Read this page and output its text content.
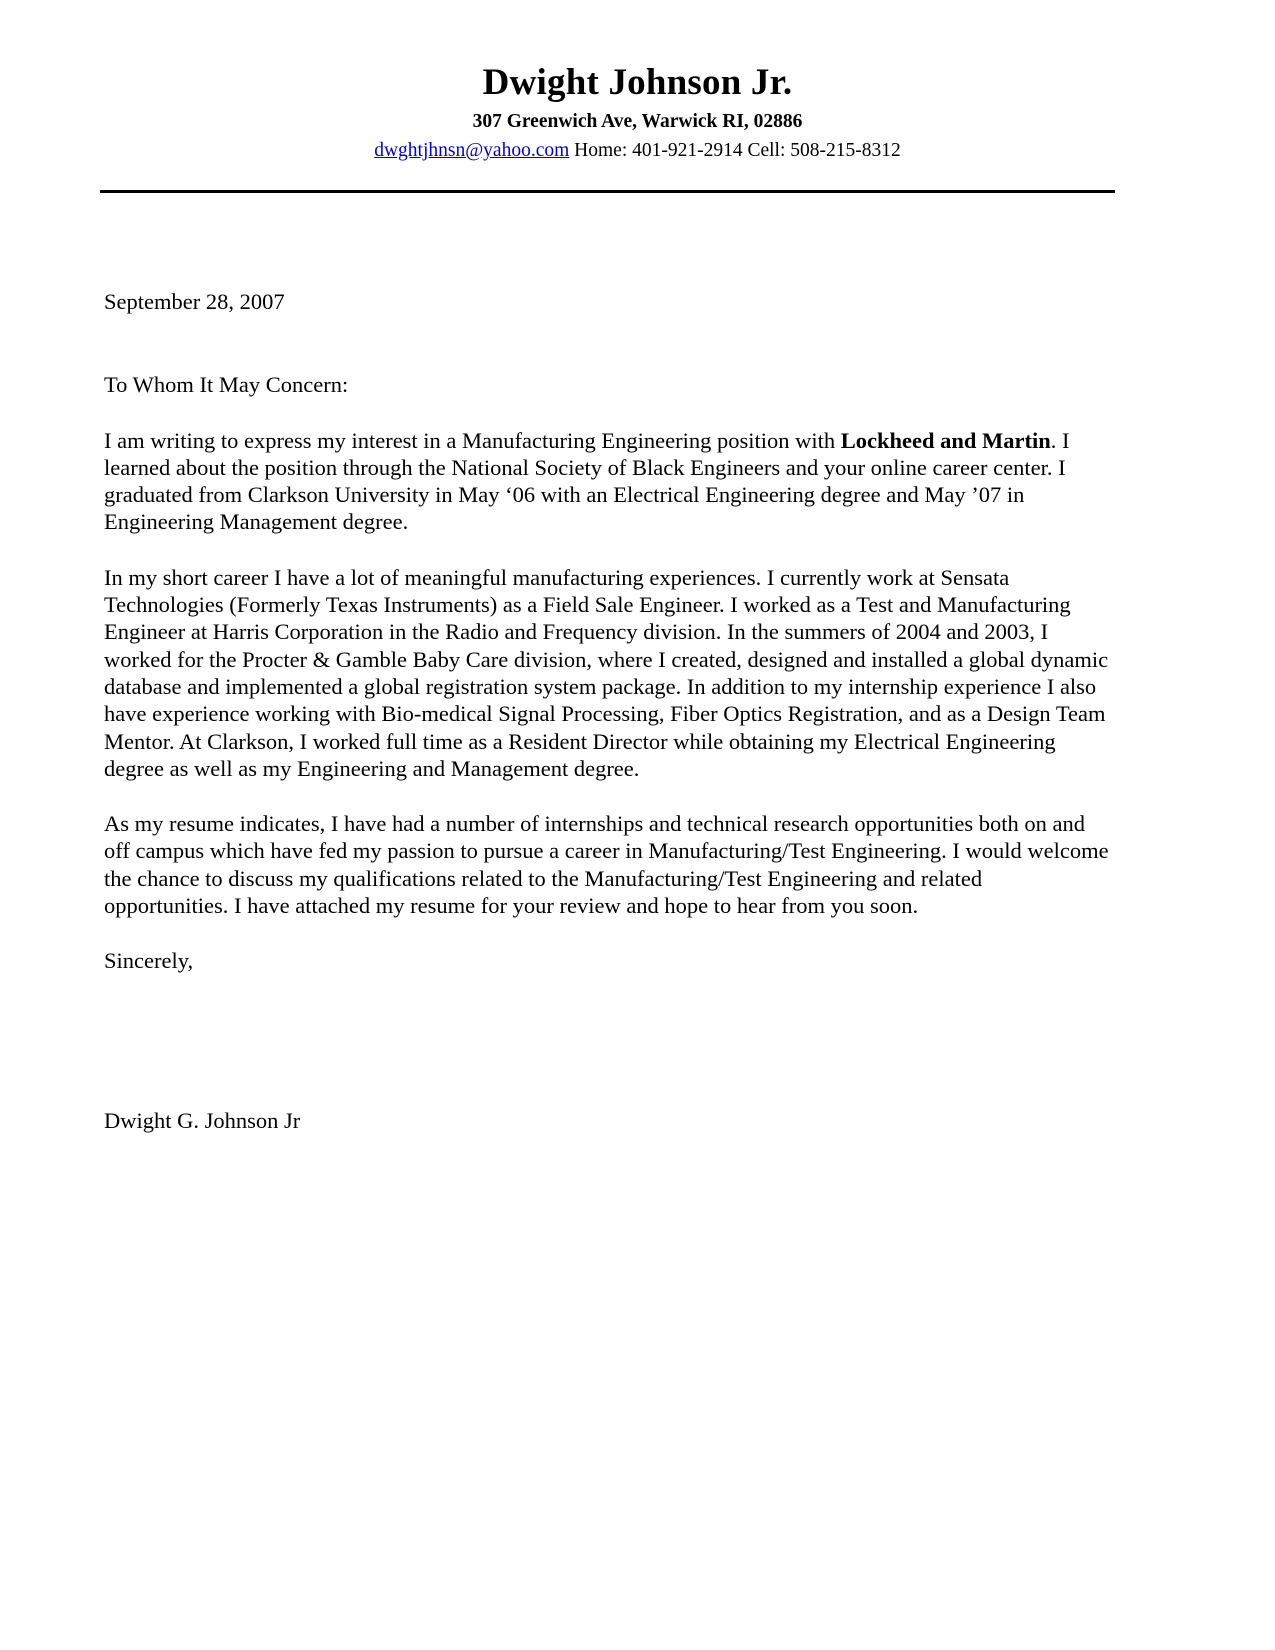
Dwight Johnson Jr.
307 Greenwich Ave, Warwick RI, 02886
dwghtjhnsn@yahoo.com Home: 401-921-2914 Cell: 508-215-8312

September 28, 2007

To Whom It May Concern:

I am writing to express my interest in a Manufacturing Engineering position with Lockheed and Martin. I learned about the position through the National Society of Black Engineers and your online career center. I graduated from Clarkson University in May ‘06 with an Electrical Engineering degree and May ’07 in Engineering Management degree.

In my short career I have a lot of meaningful manufacturing experiences. I currently work at Sensata Technologies (Formerly Texas Instruments) as a Field Sale Engineer. I worked as a Test and Manufacturing Engineer at Harris Corporation in the Radio and Frequency division. In the summers of 2004 and 2003, I worked for the Procter & Gamble Baby Care division, where I created, designed and installed a global dynamic database and implemented a global registration system package. In addition to my internship experience I also have experience working with Bio-medical Signal Processing, Fiber Optics Registration, and as a Design Team Mentor. At Clarkson, I worked full time as a Resident Director while obtaining my Electrical Engineering degree as well as my Engineering and Management degree.

As my resume indicates, I have had a number of internships and technical research opportunities both on and off campus which have fed my passion to pursue a career in Manufacturing/Test Engineering. I would welcome the chance to discuss my qualifications related to the Manufacturing/Test Engineering and related opportunities. I have attached my resume for your review and hope to hear from you soon.

Sincerely,

Dwight G. Johnson Jr
